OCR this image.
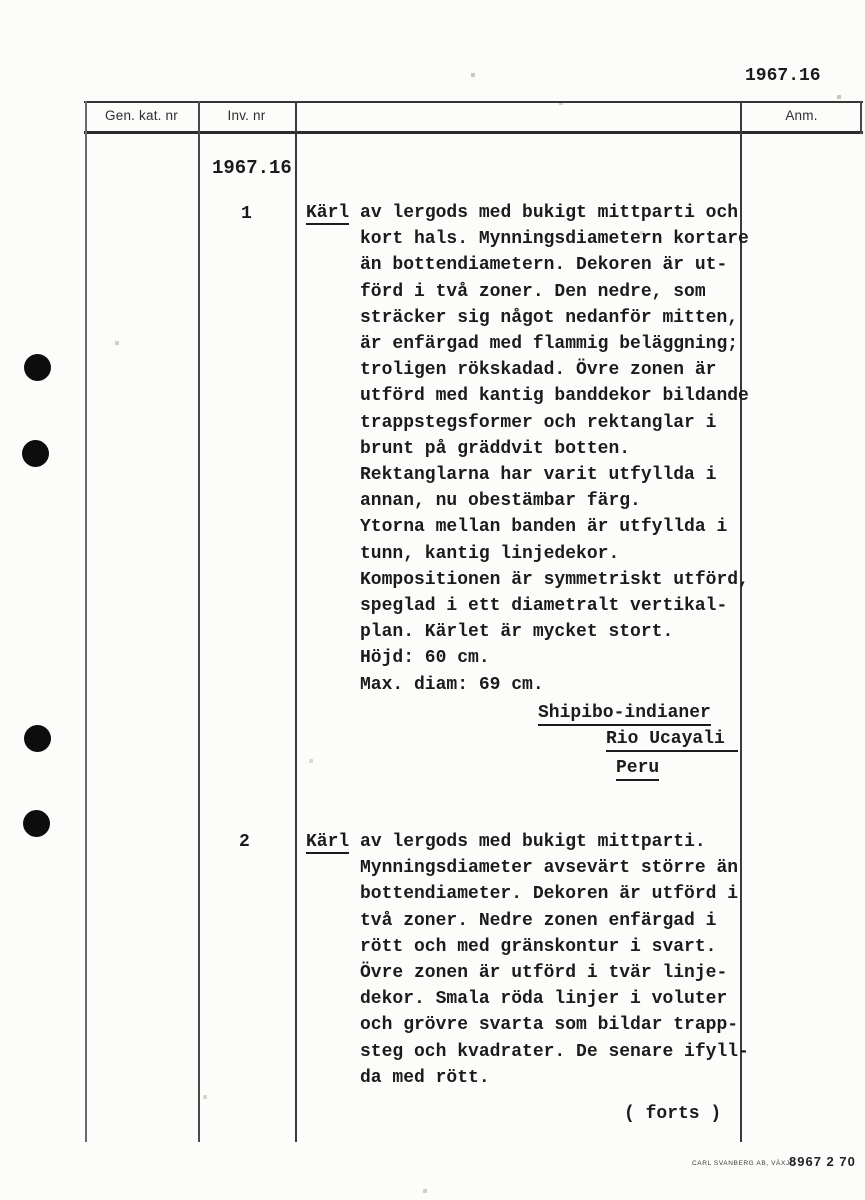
1967.16
Gen. kat. nr	Inv. nr	Anm.
1967.16
1	Kärl av lergods med bukigt mittparti och
kort hals. Mynningsdiametern kortare
än bottendiametern. Dekoren är ut-
förd i två zoner. Den nedre, som
sträcker sig något nedanför mitten,
är enfärgad med flammig beläggning;
troligen rökskadad. Övre zonen är
utförd med kantig banddekor bildande
trappstegsformer och rektanglar i
brunt på gräddvit botten.
Rektanglarna har varit utfyllda i
annan, nu obestämbar färg.
Ytorna mellan banden är utfyllda i
tunn, kantig linjedekor.
Kompositionen är symmetriskt utförd,
speglad i ett diametralt vertikal-
plan. Kärlet är mycket stort.
Höjd: 60 cm.
Max. diam: 69 cm.
Shipibo-indianer
Rio Ucayali
Peru
2	Kärl av lergods med bukigt mittparti.
Mynningsdiameter avsevärt större än
bottendiameter. Dekoren är utförd i
två zoner. Nedre zonen enfärgad i
rött och med gränskontur i svart.
Övre zonen är utförd i tvär linje-
dekor. Smala röda linjer i voluter
och grövre svarta som bildar trapp-
steg och kvadrater. De senare ifyll-
da med rött.
( forts )
CARL SVANBERG AB, VÄXJÖ
8967 2 70
